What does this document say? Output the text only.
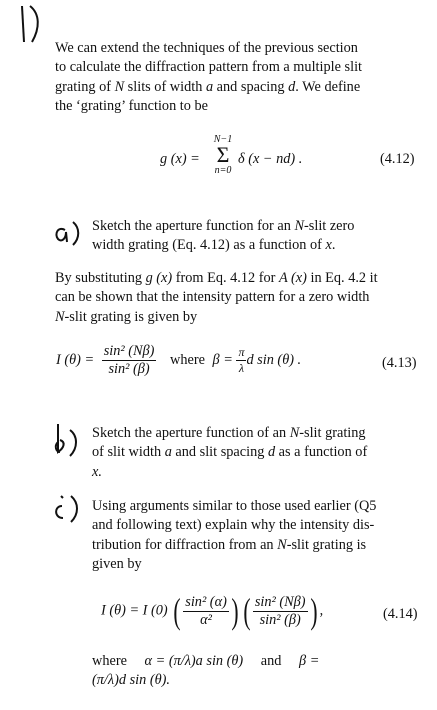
We can extend the techniques of the previous section
to calculate the diffraction pattern from a multiple slit
grating of N slits of width a and spacing d. We define
the ‘grating’ function to be
g (x) =
N−1
Σ
n=0
δ (x − nd) .	(4.12)
Sketch the aperture function for an N-slit zero
width grating (Eq. 4.12) as a function of x.
By substituting g (x) from Eq. 4.12 for A (x) in Eq. 4.2 it
can be shown that the intensity pattern for a zero width
N-slit grating is given by
I $(\theta) = \frac{\text{sin² (Nβ)}}{\text{sin² (β)}}$ where $\beta = \frac{\pi}{\lambda}$ d sin (θ) .	(4.13)
Sketch the aperture function of an N-slit grating
of slit width a and slit spacing d as a function of
x.
Using arguments similar to those used earlier (Q5
and following text) explain why the intensity dis-
tribution for diffraction from an N-slit grating is
given by
I (θ) = I (0) ( $\frac{\text{sin² (α)}}{\text{α²}}$ ) ( $\frac{\text{sin² (Nβ)}}{\text{sin² (β)}}$ ) ,	(4.14)
where α = (π/λ)a sin (θ) and β =
(π/λ)d sin (θ).
